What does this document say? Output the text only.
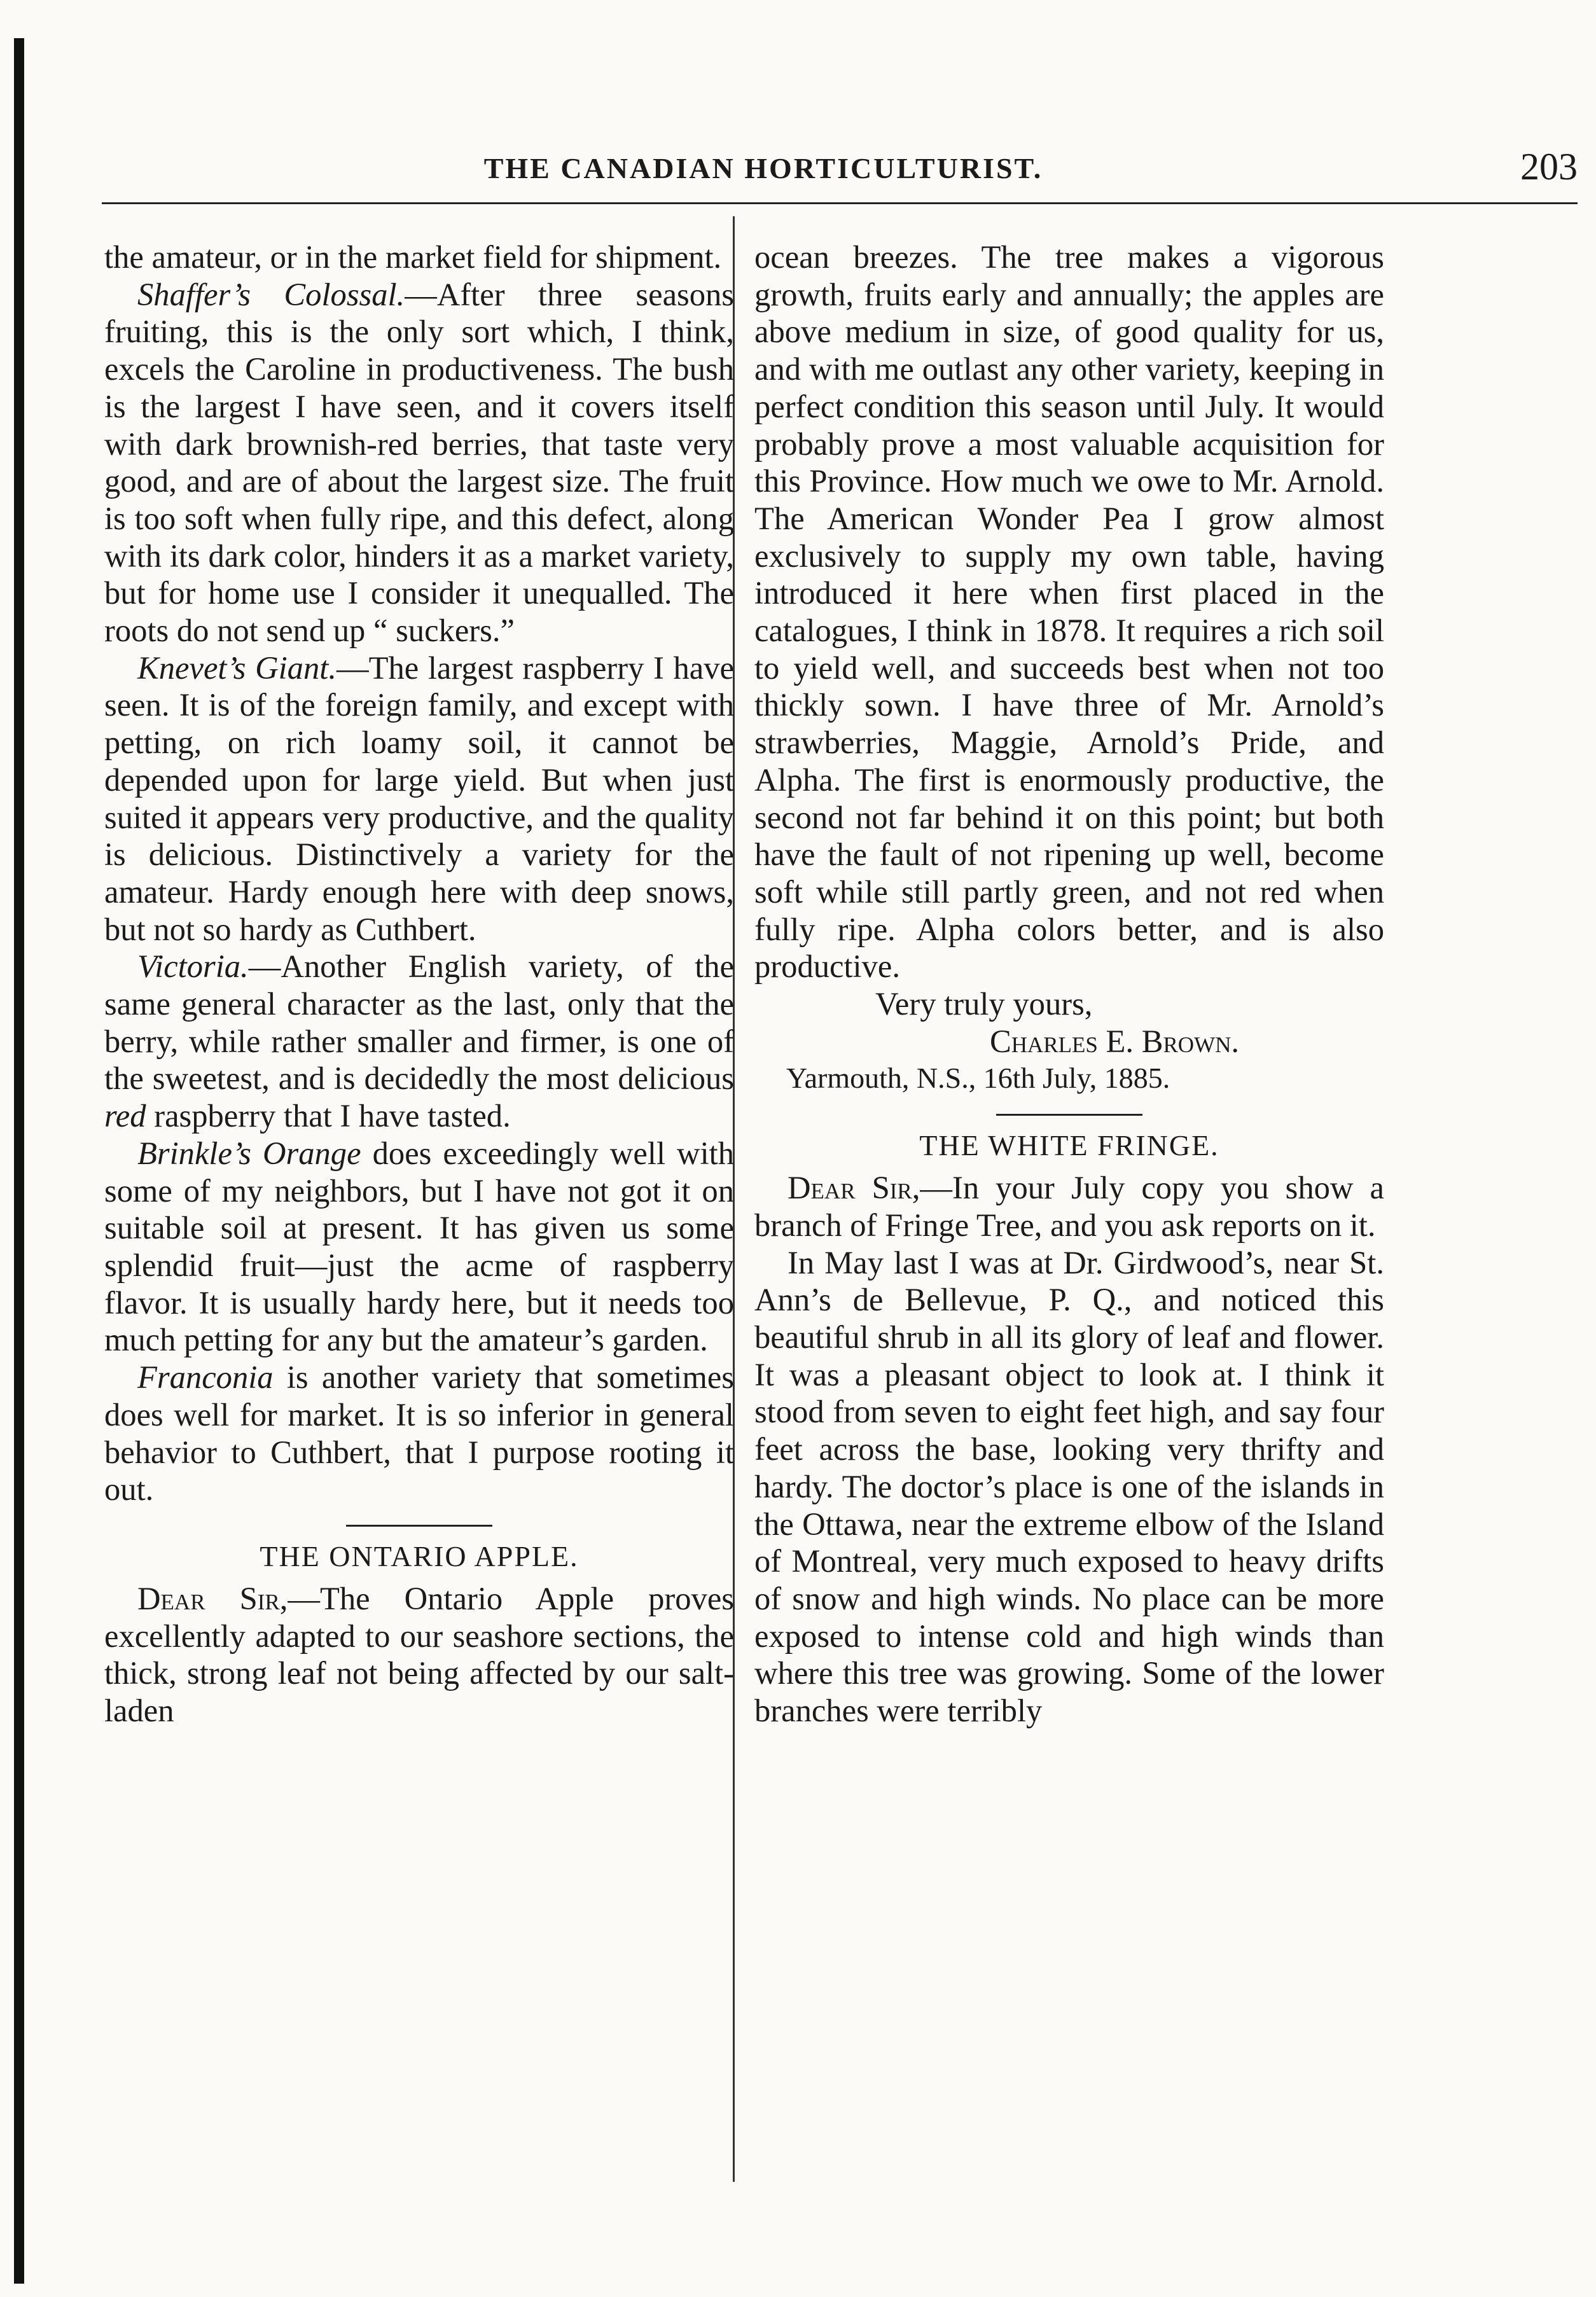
THE CANADIAN HORTICULTURIST.	203

the amateur, or in the market field for shipment.

Shaffer’s Colossal.—After three seasons fruiting, this is the only sort which, I think, excels the Caroline in productiveness. The bush is the largest I have seen, and it covers itself with dark brownish-red berries, that taste very good, and are of about the largest size. The fruit is too soft when fully ripe, and this defect, along with its dark color, hinders it as a market variety, but for home use I consider it unequalled. The roots do not send up “ suckers.”

Knevet’s Giant.—The largest raspberry I have seen. It is of the foreign family, and except with petting, on rich loamy soil, it cannot be depended upon for large yield. But when just suited it appears very productive, and the quality is delicious. Distinctively a variety for the amateur. Hardy enough here with deep snows, but not so hardy as Cuthbert.

Victoria.—Another English variety, of the same general character as the last, only that the berry, while rather smaller and firmer, is one of the sweetest, and is decidedly the most delicious red raspberry that I have tasted.

Brinkle’s Orange does exceedingly well with some of my neighbors, but I have not got it on suitable soil at present. It has given us some splendid fruit—just the acme of raspberry flavor. It is usually hardy here, but it needs too much petting for any but the amateur’s garden.

Franconia is another variety that sometimes does well for market. It is so inferior in general behavior to Cuthbert, that I purpose rooting it out.

THE ONTARIO APPLE.

Dear Sir,—The Ontario Apple proves excellently adapted to our seashore sections, the thick, strong leaf not being affected by our salt-laden

ocean breezes. The tree makes a vigorous growth, fruits early and annually; the apples are above medium in size, of good quality for us, and with me outlast any other variety, keeping in perfect condition this season until July. It would probably prove a most valuable acquisition for this Province. How much we owe to Mr. Arnold. The American Wonder Pea I grow almost exclusively to supply my own table, having introduced it here when first placed in the catalogues, I think in 1878. It requires a rich soil to yield well, and succeeds best when not too thickly sown. I have three of Mr. Arnold’s strawberries, Maggie, Arnold’s Pride, and Alpha. The first is enormously productive, the second not far behind it on this point; but both have the fault of not ripening up well, become soft while still partly green, and not red when fully ripe. Alpha colors better, and is also productive.

Very truly yours,

Charles E. Brown.

Yarmouth, N.S., 16th July, 1885.

THE WHITE FRINGE.

Dear Sir,—In your July copy you show a branch of Fringe Tree, and you ask reports on it.

In May last I was at Dr. Girdwood’s, near St. Ann’s de Bellevue, P. Q., and noticed this beautiful shrub in all its glory of leaf and flower. It was a pleasant object to look at. I think it stood from seven to eight feet high, and say four feet across the base, looking very thrifty and hardy. The doctor’s place is one of the islands in the Ottawa, near the extreme elbow of the Island of Montreal, very much exposed to heavy drifts of snow and high winds. No place can be more exposed to intense cold and high winds than where this tree was growing. Some of the lower branches were terribly
